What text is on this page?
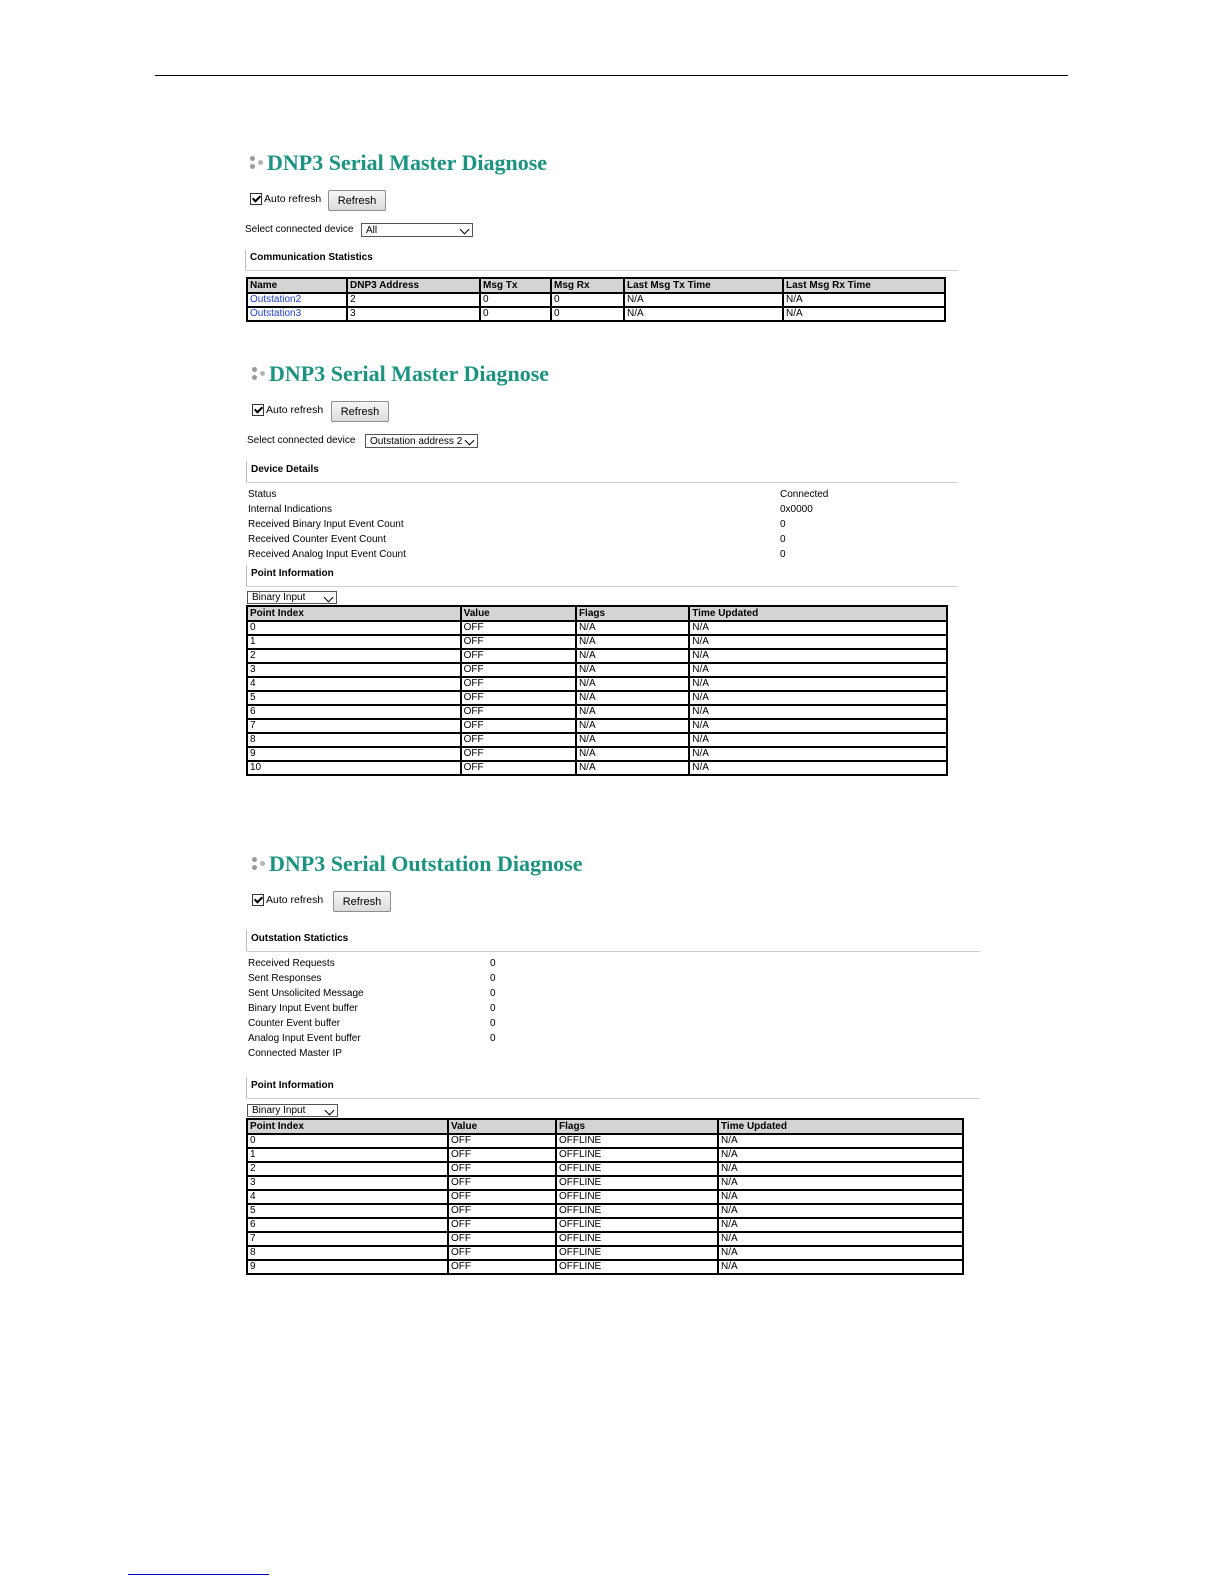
DNP3 Serial Master Diagnose
Auto refresh	Refresh
Select connected device All
Communication Statistics
Name	DNP3 Address	Msg Tx	Msg Rx	Last Msg Tx Time	Last Msg Rx Time
Outstation2	2	0	0	N/A	N/A
Outstation3	3	0	0	N/A	N/A
DNP3 Serial Master Diagnose
Auto refresh	Refresh
Select connected device Outstation address 2
Device Details
Status	Connected
Internal Indications	0x0000
Received Binary Input Event Count	0
Received Counter Event Count	0
Received Analog Input Event Count	0
Point Information
Binary Input
Point Index	Value	Flags	Time Updated
0	OFF	N/A	N/A
1	OFF	N/A	N/A
2	OFF	N/A	N/A
3	OFF	N/A	N/A
4	OFF	N/A	N/A
5	OFF	N/A	N/A
6	OFF	N/A	N/A
7	OFF	N/A	N/A
8	OFF	N/A	N/A
9	OFF	N/A	N/A
10	OFF	N/A	N/A
DNP3 Serial Outstation Diagnose
Auto refresh	Refresh
Outstation Statictics
Received Requests	0
Sent Responses	0
Sent Unsolicited Message	0
Binary Input Event buffer	0
Counter Event buffer	0
Analog Input Event buffer	0
Connected Master IP
Point Information
Binary Input
Point Index	Value	Flags	Time Updated
0	OFF	OFFLINE	N/A
1	OFF	OFFLINE	N/A
2	OFF	OFFLINE	N/A
3	OFF	OFFLINE	N/A
4	OFF	OFFLINE	N/A
5	OFF	OFFLINE	N/A
6	OFF	OFFLINE	N/A
7	OFF	OFFLINE	N/A
8	OFF	OFFLINE	N/A
9	OFF	OFFLINE	N/A
